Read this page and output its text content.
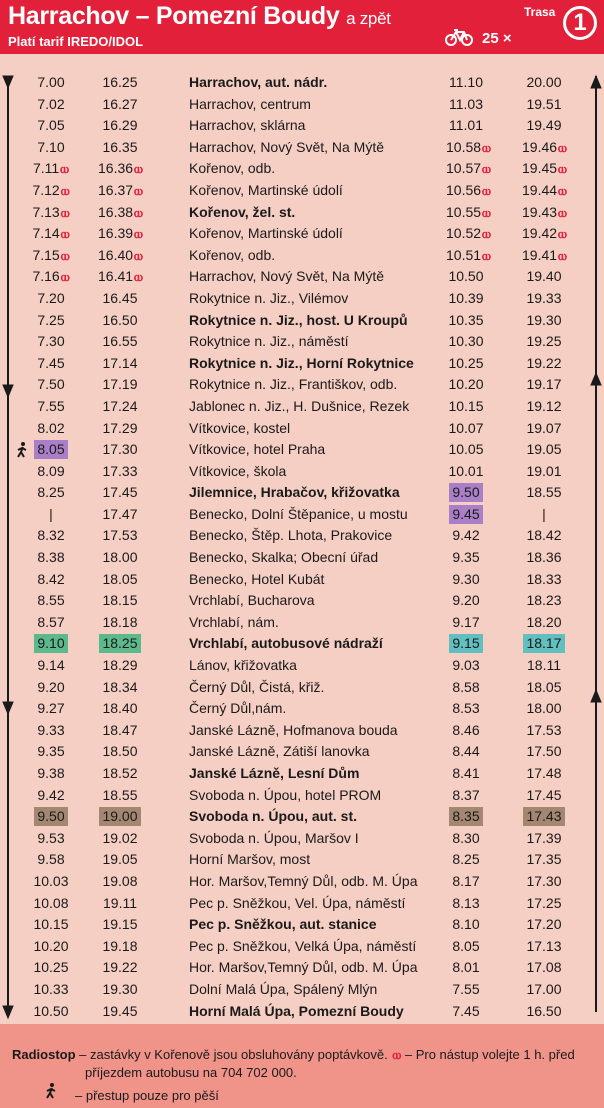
Harrachov – Pomezní Boudy a zpět
Platí tarif IREDO/IDOL
Trasa 1
25 ×
7.00	16.25	Harrachov, aut. nádr.	11.10	20.00
7.02	16.27	Harrachov, centrum	11.03	19.51
7.05	16.29	Harrachov, sklárna	11.01	19.49
7.10	16.35	Harrachov, Nový Svět, Na Mýtě	10.58ⲱ 19.46ⲱ
7.11ⲱ 16.36ⲱ	Kořenov, odb.	10.57ⲱ 19.45ⲱ
7.12ⲱ 16.37ⲱ	Kořenov, Martinské údolí	10.56ⲱ 19.44ⲱ
7.13ⲱ 16.38ⲱ	Kořenov, žel. st.	10.55ⲱ 19.43ⲱ
7.14ⲱ 16.39ⲱ	Kořenov, Martinské údolí	10.52ⲱ 19.42ⲱ
7.15ⲱ 16.40ⲱ	Kořenov, odb.	10.51ⲱ 19.41ⲱ
7.16ⲱ 16.41ⲱ	Harrachov, Nový Svět, Na Mýtě	10.50	19.40
7.20	16.45	Rokytnice n. Jiz., Vilémov	10.39	19.33
7.25	16.50	Rokytnice n. Jiz., host. U Kroupů	10.35	19.30
7.30	16.55	Rokytnice n. Jiz., náměstí	10.30	19.25
7.45	17.14	Rokytnice n. Jiz., Horní Rokytnice 10.25	19.22
7.50	17.19	Rokytnice n. Jiz., Františkov, odb.	10.20	19.17
7.55	17.24	Jablonec n. Jiz., H. Dušnice, Rezek	10.15	19.12
8.02	17.29	Vítkovice, kostel	10.07	19.07
8.05	17.30	Vítkovice, hotel Praha	10.05	19.05
8.09	17.33	Vítkovice, škola	10.01	19.01
8.25	17.45	Jilemnice, Hrabačov, křižovatka	9.50	18.55
|	17.47	Benecko, Dolní Štěpanice, u mostu	9.45	|
8.32	17.53	Benecko, Štěp. Lhota, Prakovice	9.42	18.42
8.38	18.00	Benecko, Skalka; Obecní úřad	9.35	18.36
8.42	18.05	Benecko, Hotel Kubát	9.30	18.33
8.55	18.15	Vrchlabí, Bucharova	9.20	18.23
8.57	18.18	Vrchlabí, nám.	9.17	18.20
9.10	18.25	Vrchlabí, autobusové nádraží	9.15	18.17
9.14	18.29	Lánov, křižovatka	9.03	18.11
9.20	18.34	Černý Důl, Čistá, křiž.	8.58	18.05
9.27	18.40	Černý Důl,nám.	8.53	18.00
9.33	18.47	Janské Lázně, Hofmanova bouda	8.46	17.53
9.35	18.50	Janské Lázně, Zátiší lanovka	8.44	17.50
9.38	18.52	Janské Lázně, Lesní Dům	8.41	17.48
9.42	18.55	Svoboda n. Úpou, hotel PROM	8.37	17.45
9.50	19.00	Svoboda n. Úpou, aut. st.	8.35	17.43
9.53	19.02	Svoboda n. Úpou, Maršov I	8.30	17.39
9.58	19.05	Horní Maršov, most	8.25	17.35
10.03	19.08	Hor. Maršov,Temný Důl, odb. M. Úpa	8.17	17.30
10.08	19.11	Pec p. Sněžkou, Vel. Úpa, náměstí	8.13	17.25
10.15	19.15	Pec p. Sněžkou, aut. stanice	8.10	17.20
10.20	19.18	Pec p. Sněžkou, Velká Úpa, náměstí	8.05	17.13
10.25	19.22	Hor. Maršov,Temný Důl, odb. M. Úpa	8.01	17.08
10.33	19.30	Dolní Malá Úpa, Spálený Mlýn	7.55	17.00
10.50	19.45	Horní Malá Úpa, Pomezní Boudy	7.45	16.50
Radiostop – zastávky v Kořenově jsou obsluhovány poptávkově. ⲱ – Pro nástup volejte 1 h. před
příjezdem autobusu na 704 702 000.
– přestup pouze pro pěší
